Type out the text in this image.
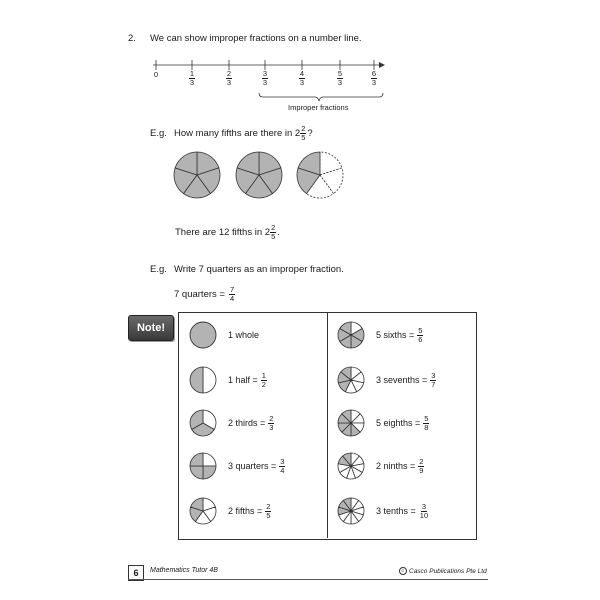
2. We can show improper fractions on a number line.
0	$\frac{1}{3}$	$\frac{2}{3}$	$\frac{3}{3}$	$\frac{4}{3}$	$\frac{5}{3}$	$\frac{6}{3}$
Improper fractions
E.g. How many fifths are there in $2 \frac{2}{5}$ ?
There are 12 fifths in $2 \frac{2}{5}$ .
E.g. Write 7 quarters as an improper fraction.
7 quarters = $\frac{7}{4}$
Note!
1 whole
1 half = $\frac{1}{2}$
2 thirds = $\frac{2}{3}$
3 quarters = $\frac{3}{4}$
2 fifths = $\frac{2}{5}$
5 sixths = $\frac{5}{6}$
3 sevenths = $\frac{3}{7}$
5 eighths = $\frac{5}{8}$
2 ninths = $\frac{2}{9}$
3 tenths = $\frac{3}{10}$
6	Mathematics Tutor 4B	C Casco Publications Pte Ltd
